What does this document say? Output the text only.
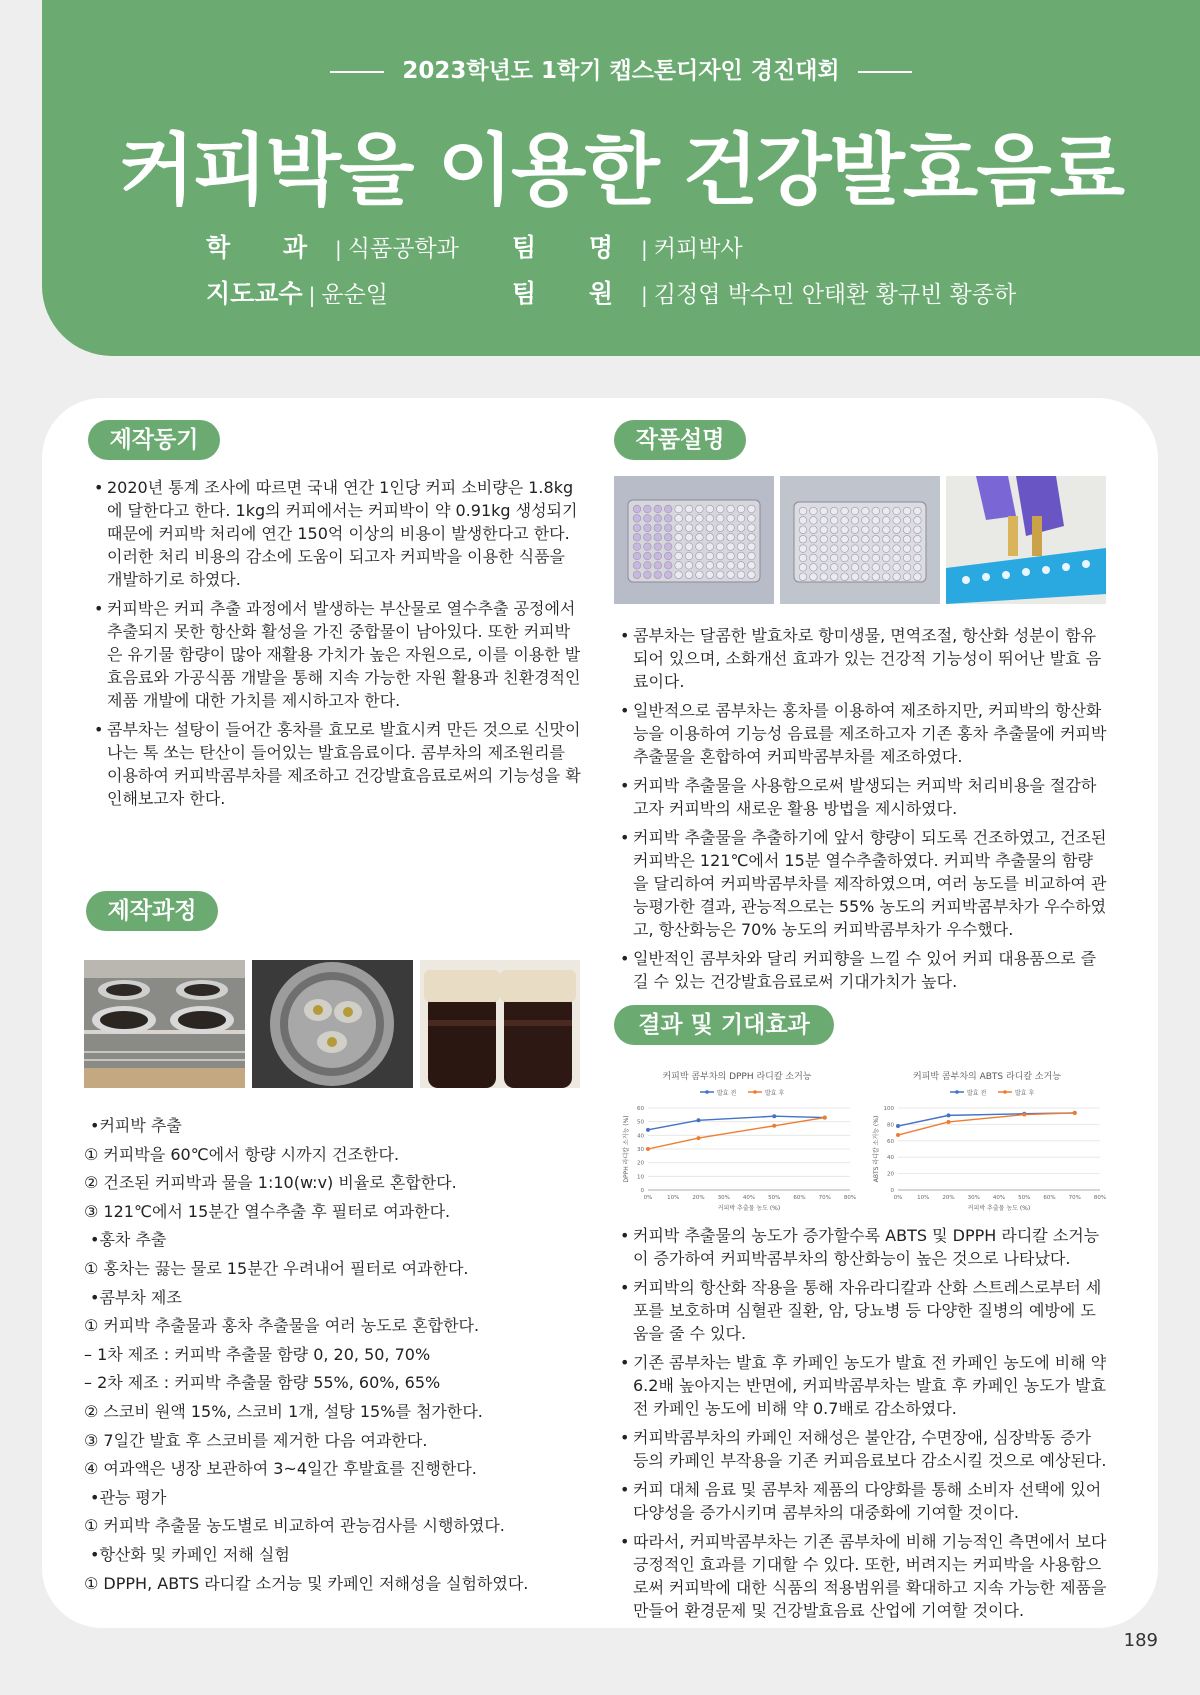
2023학년도 1학기 캡스톤디자인 경진대회
커피박을 이용한 건강발효음료
학 과 | 식품공학과
지도교수 | 윤순일
팀 명 | 커피박사
팀 원 | 김정엽 박수민 안태환 황규빈 황종하
제작동기

• 2020년 통계 조사에 따르면 국내 연간 1인당 커피 소비량은 1.8kg에 달한다고 한다. 1kg의 커피에서는 커피박이 약 0.91kg 생성되기 때문에 커피박 처리에 연간 150억 이상의 비용이 발생한다고 한다. 이러한 처리 비용의 감소에 도움이 되고자 커피박을 이용한 식품을 개발하기로 하였다.

• 커피박은 커피 추출 과정에서 발생하는 부산물로 열수추출 공정에서 추출되지 못한 항산화 활성을 가진 중합물이 남아있다. 또한 커피박은 유기물 함량이 많아 재활용 가치가 높은 자원으로, 이를 이용한 발효음료와 가공식품 개발을 통해 지속 가능한 자원 활용과 친환경적인 제품 개발에 대한 가치를 제시하고자 한다.

• 콤부차는 설탕이 들어간 홍차를 효모로 발효시켜 만든 것으로 신맛이 나는 톡 쏘는 탄산이 들어있는 발효음료이다. 콤부차의 제조원리를 이용하여 커피박콤부차를 제조하고 건강발효음료로써의 기능성을 확인해보고자 한다.

제작과정
•커피박 추출
① 커피박을 60℃에서 항량 시까지 건조한다.
② 건조된 커피박과 물을 1:10(w:v) 비율로 혼합한다.
③ 121℃에서 15분간 열수추출 후 필터로 여과한다.
•홍차 추출
① 홍차는 끓는 물로 15분간 우려내어 필터로 여과한다.
•콤부차 제조
① 커피박 추출물과 홍차 추출물을 여러 농도로 혼합한다.
– 1차 제조 : 커피박 추출물 함량 0, 20, 50, 70%
– 2차 제조 : 커피박 추출물 함량 55%, 60%, 65%
② 스코비 원액 15%, 스코비 1개, 설탕 15%를 첨가한다.
③ 7일간 발효 후 스코비를 제거한 다음 여과한다.
④ 여과액은 냉장 보관하여 3~4일간 후발효를 진행한다.
•관능 평가
① 커피박 추출물 농도별로 비교하여 관능검사를 시행하였다.
•항산화 및 카페인 저해 실험
① DPPH, ABTS 라디칼 소거능 및 카페인 저해성을 실험하였다.
작품설명

• 콤부차는 달콤한 발효차로 항미생물, 면역조절, 항산화 성분이 함유되어 있으며, 소화개선 효과가 있는 건강적 기능성이 뛰어난 발효 음료이다.

• 일반적으로 콤부차는 홍차를 이용하여 제조하지만, 커피박의 항산화능을 이용하여 기능성 음료를 제조하고자 기존 홍차 추출물에 커피박 추출물을 혼합하여 커피박콤부차를 제조하였다.

• 커피박 추출물을 사용함으로써 발생되는 커피박 처리비용을 절감하고자 커피박의 새로운 활용 방법을 제시하였다.

• 커피박 추출물을 추출하기에 앞서 향량이 되도록 건조하였고, 건조된 커피박은 121℃에서 15분 열수추출하였다. 커피박 추출물의 함량을 달리하여 커피박콤부차를 제작하였으며, 여러 농도를 비교하여 관능평가한 결과, 관능적으로는 55% 농도의 커피박콤부차가 우수하였고, 항산화능은 70% 농도의 커피박콤부차가 우수했다.

• 일반적인 콤부차와 달리 커피향을 느낄 수 있어 커피 대용품으로 즐길 수 있는 건강발효음료로써 기대가치가 높다.

결과 및 기대효과
커피박 콤부차의 DPPH 라디칼 소거능
발효 전	발효 후
0
10
20
30
40
50
60
0%	10% 20% 30% 40% 50% 60% 70% 80%
커피박 추출물 농도 (%)
DPPH 라디칼 소거능 (%)
커피박 콤부차의 ABTS 라디칼 소거능
발효 전	발효 후
0
20
40
60
80
100
0%	10% 20% 30% 40% 50% 60% 70% 80%
커피박 추출물 농도 (%)
ABTS 라디칼 소거능 (%)

• 커피박 추출물의 농도가 증가할수록 ABTS 및 DPPH 라디칼 소거능이 증가하여 커피박콤부차의 항산화능이 높은 것으로 나타났다.

• 커피박의 항산화 작용을 통해 자유라디칼과 산화 스트레스로부터 세포를 보호하며 심혈관 질환, 암, 당뇨병 등 다양한 질병의 예방에 도움을 줄 수 있다.

• 기존 콤부차는 발효 후 카페인 농도가 발효 전 카페인 농도에 비해 약 6.2배 높아지는 반면에, 커피박콤부차는 발효 후 카페인 농도가 발효 전 카페인 농도에 비해 약 0.7배로 감소하였다.

• 커피박콤부차의 카페인 저해성은 불안감, 수면장애, 심장박동 증가 등의 카페인 부작용을 기존 커피음료보다 감소시킬 것으로 예상된다.

• 커피 대체 음료 및 콤부차 제품의 다양화를 통해 소비자 선택에 있어 다양성을 증가시키며 콤부차의 대중화에 기여할 것이다.

• 따라서, 커피박콤부차는 기존 콤부차에 비해 기능적인 측면에서 보다 긍정적인 효과를 기대할 수 있다. 또한, 버려지는 커피박을 사용함으로써 커피박에 대한 식품의 적용범위를 확대하고 지속 가능한 제품을 만들어 환경문제 및 건강발효음료 산업에 기여할 것이다.

189
